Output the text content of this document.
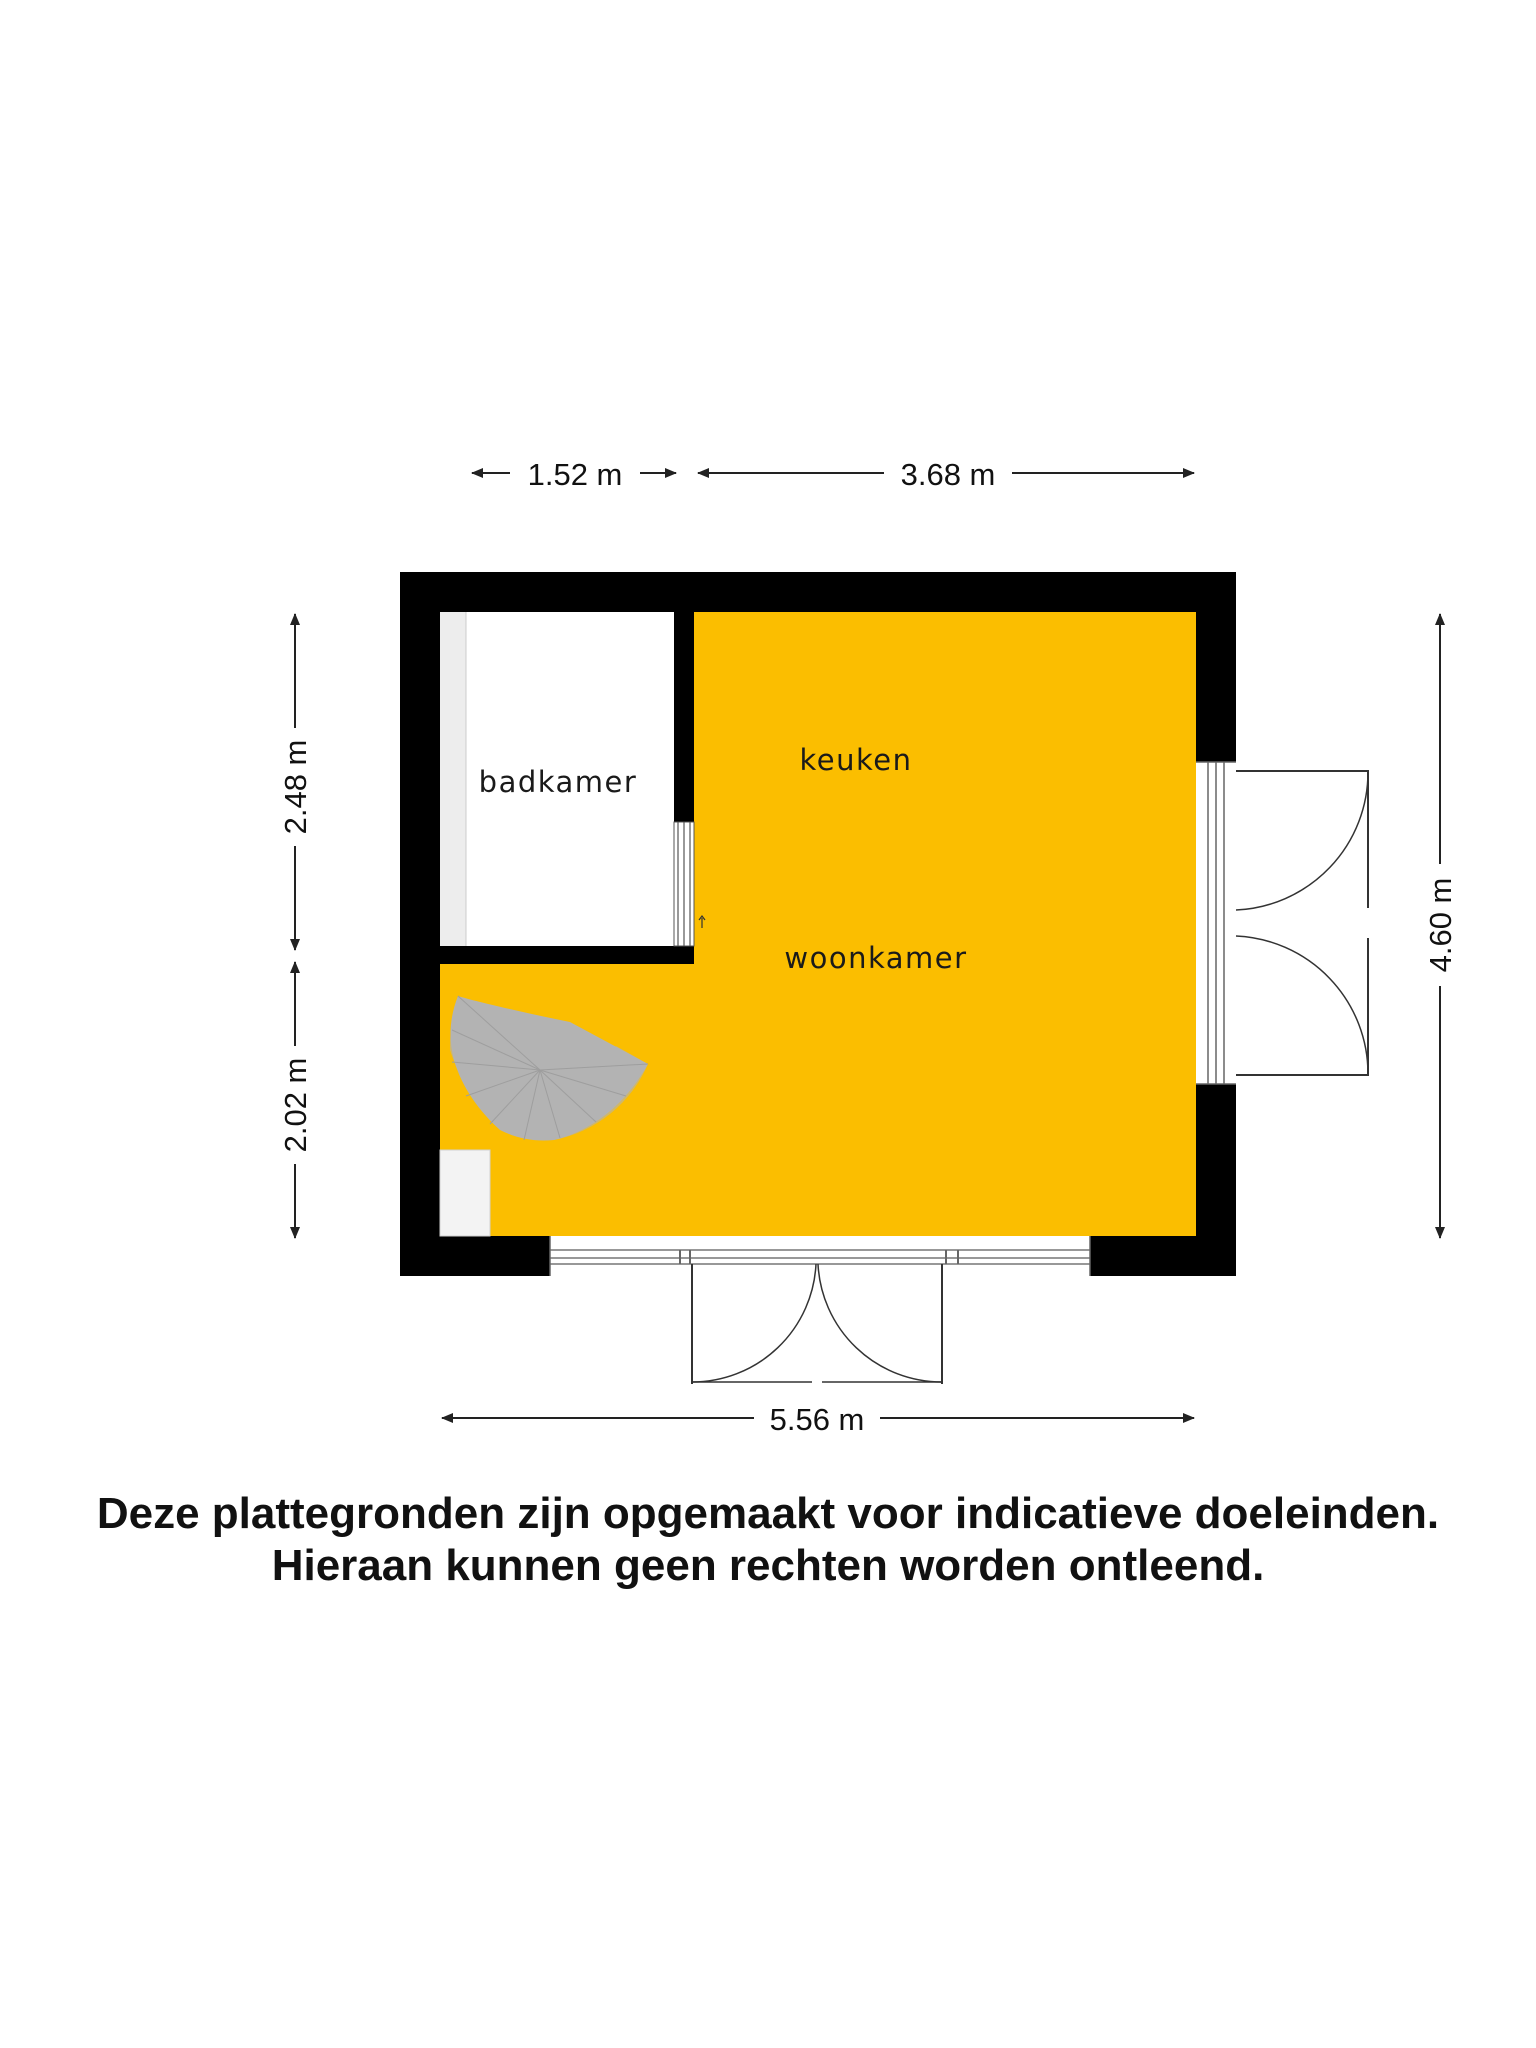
badkamer
keuken
woonkamer
1.52 m	3.68 m
2.48 m
2.02 m
4.60 m
5.56 m

Deze plattegronden zijn opgemaakt voor indicatieve doeleinden.

Hieraan kunnen geen rechten worden ontleend.
